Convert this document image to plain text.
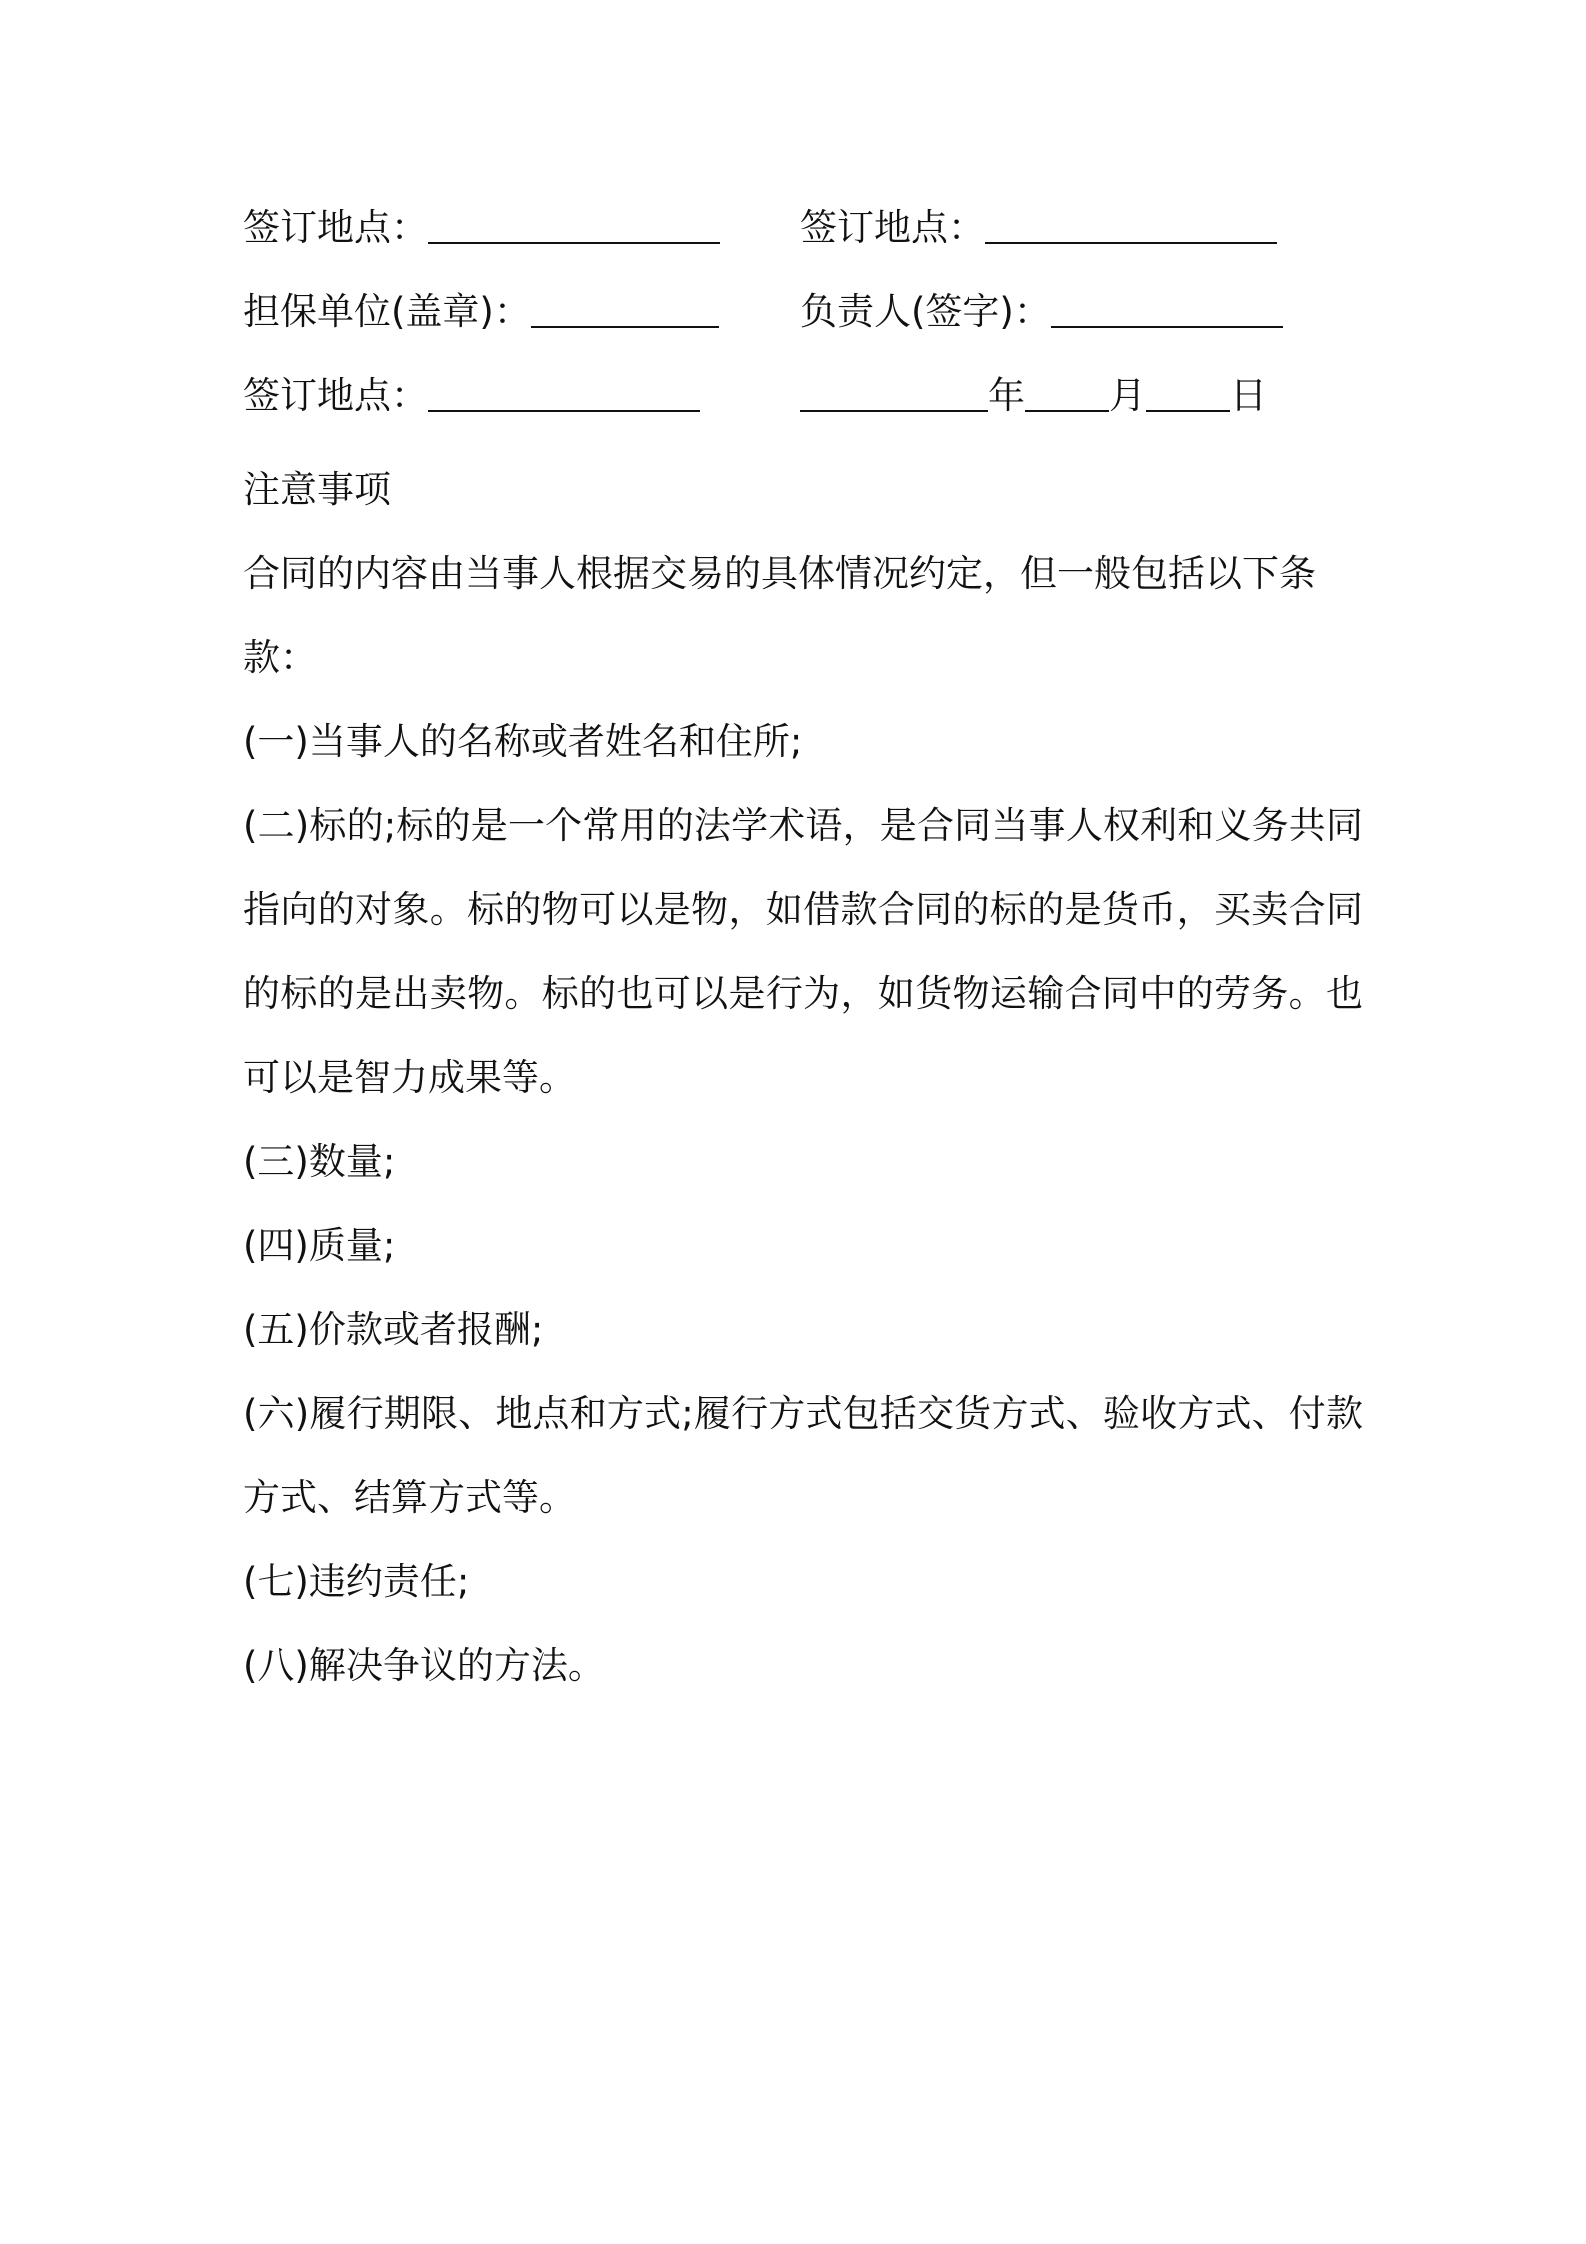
签订地点：	签订地点：
担保单位(盖章)：	负责人(签字)：
签订地点：	年 月 日

注意事项

合同的内容由当事人根据交易的具体情况约定，但一般包括以下条款：

(一)当事人的名称或者姓名和住所;

(二)标的;标的是一个常用的法学术语，是合同当事人权利和义务共同指向的对象。标的物可以是物，如借款合同的标的是货币，买卖合同的标的是出卖物。标的也可以是行为，如货物运输合同中的劳务。也可以是智力成果等。

(三)数量;

(四)质量;

(五)价款或者报酬;

(六)履行期限、地点和方式;履行方式包括交货方式、验收方式、付款方式、结算方式等。

(七)违约责任;

(八)解决争议的方法。
